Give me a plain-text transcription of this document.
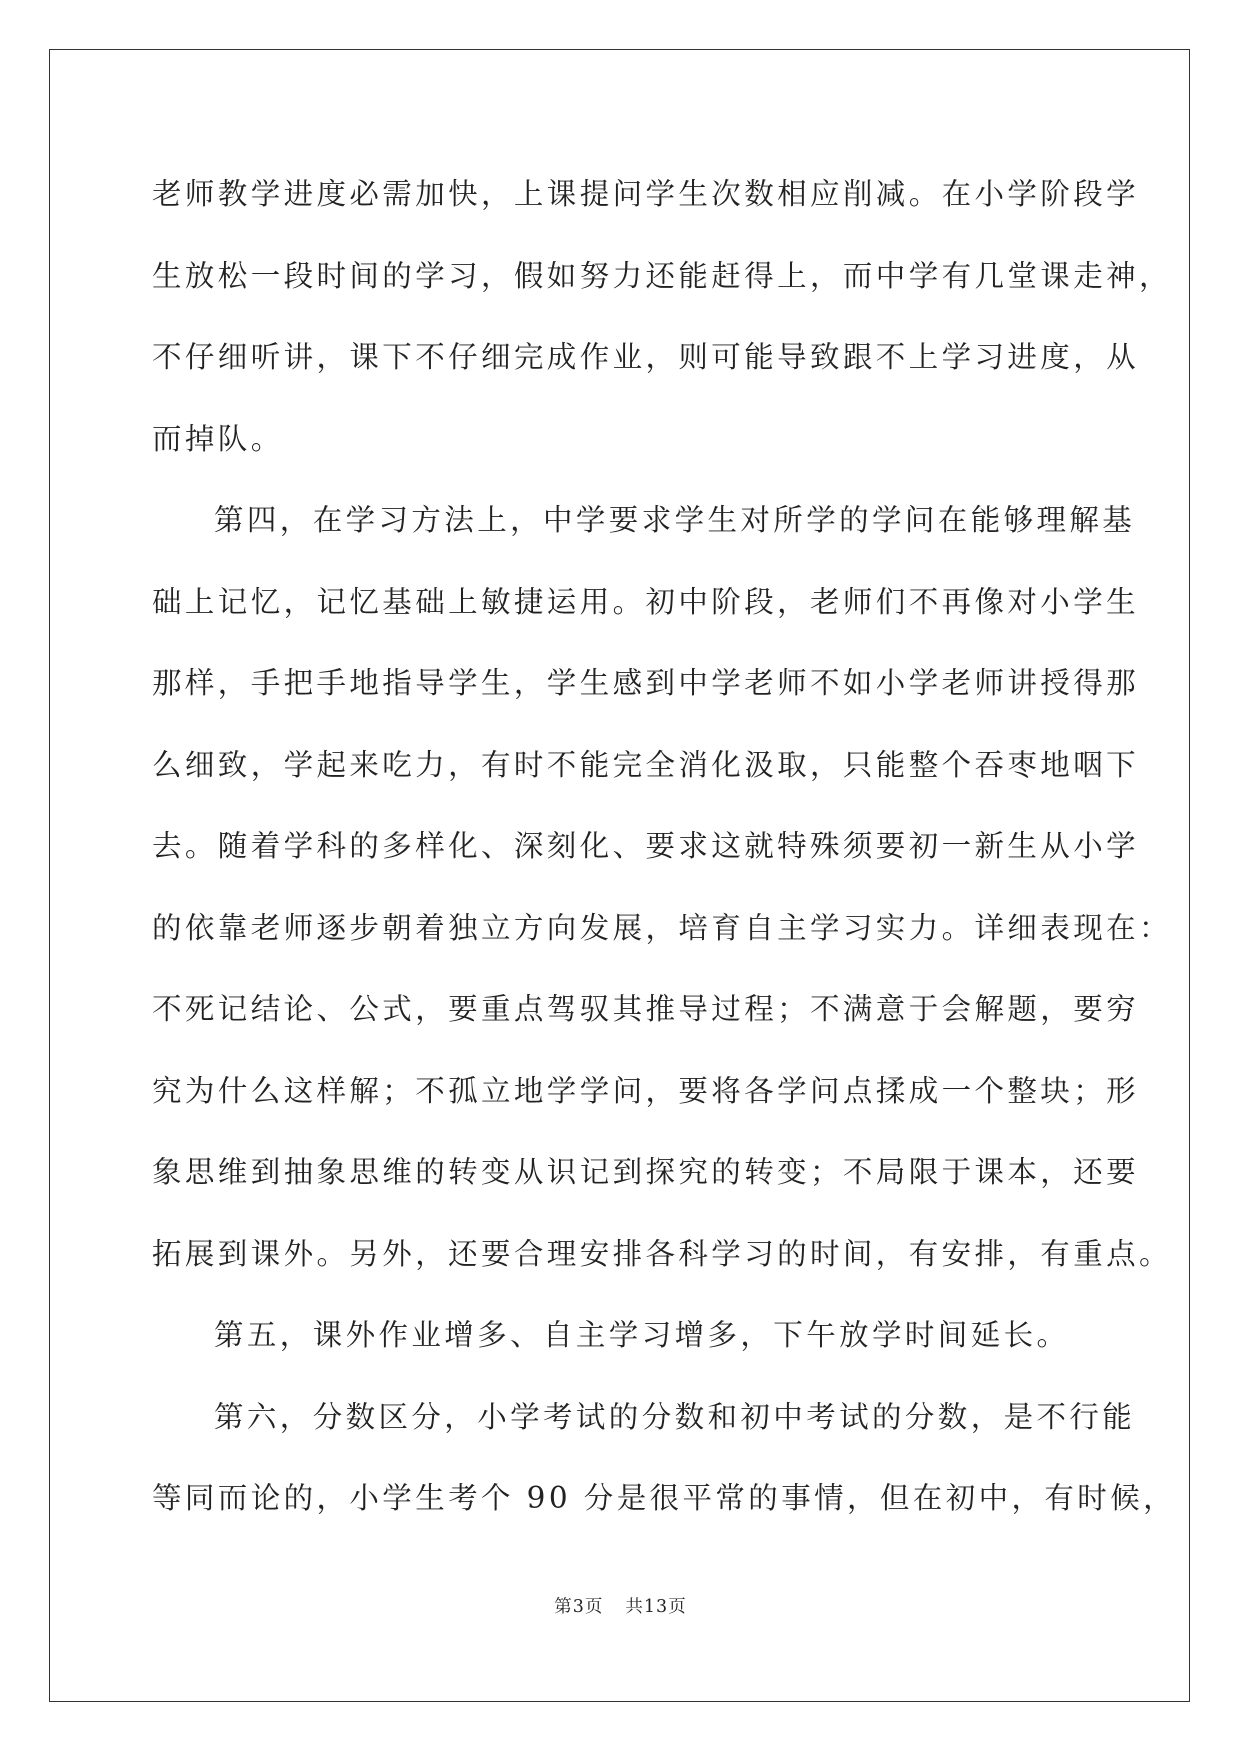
老师教学进度必需加快，上课提问学生次数相应削减。在小学阶段学
生放松一段时间的学习，假如努力还能赶得上，而中学有几堂课走神，
不仔细听讲，课下不仔细完成作业，则可能导致跟不上学习进度，从
而掉队。
第四，在学习方法上，中学要求学生对所学的学问在能够理解基
础上记忆，记忆基础上敏捷运用。初中阶段，老师们不再像对小学生
那样，手把手地指导学生，学生感到中学老师不如小学老师讲授得那
么细致，学起来吃力，有时不能完全消化汲取，只能整个吞枣地咽下
去。随着学科的多样化、深刻化、要求这就特殊须要初一新生从小学
的依靠老师逐步朝着独立方向发展，培育自主学习实力。详细表现在：
不死记结论、公式，要重点驾驭其推导过程；不满意于会解题，要穷
究为什么这样解；不孤立地学学问，要将各学问点揉成一个整块；形
象思维到抽象思维的转变从识记到探究的转变；不局限于课本，还要
拓展到课外。另外，还要合理安排各科学习的时间，有安排，有重点。
第五，课外作业增多、自主学习增多，下午放学时间延长。
第六，分数区分，小学考试的分数和初中考试的分数，是不行能
等同而论的，小学生考个 90 分是很平常的事情，但在初中，有时候，
第3页 共13页
